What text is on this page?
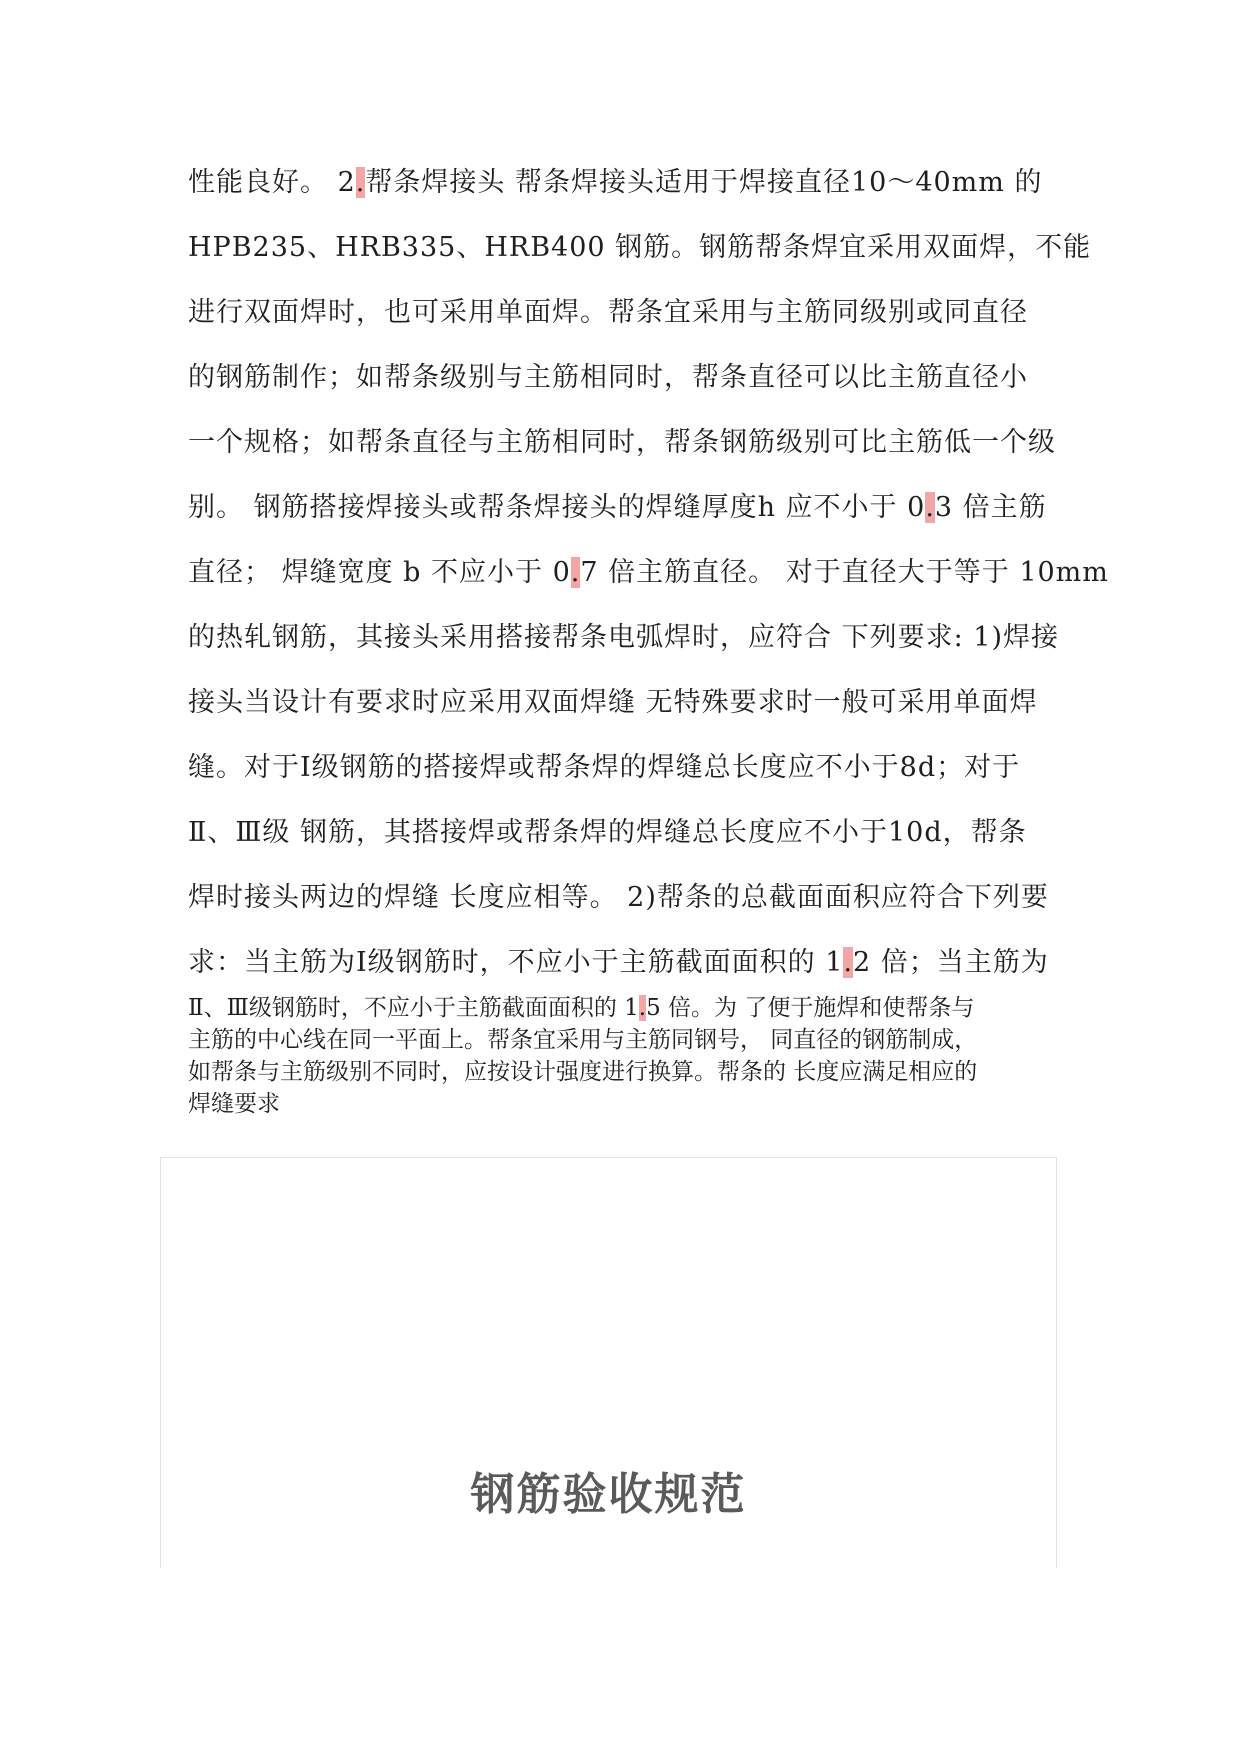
性能良好。 2.帮条焊接头 帮条焊接头适用于焊接直径10～40mm 的
HPB235、HRB335、HRB400 钢筋。钢筋帮条焊宜采用双面焊，不能
进行双面焊时，也可采用单面焊。帮条宜采用与主筋同级别或同直径
的钢筋制作；如帮条级别与主筋相同时，帮条直径可以比主筋直径小
一个规格；如帮条直径与主筋相同时，帮条钢筋级别可比主筋低一个级
别。 钢筋搭接焊接头或帮条焊接头的焊缝厚度h 应不小于 0.3 倍主筋
直径； 焊缝宽度 b 不应小于 0.7 倍主筋直径。 对于直径大于等于 10mm
的热轧钢筋，其接头采用搭接帮条电弧焊时，应符合 下列要求: 1)焊接
接头当设计有要求时应采用双面焊缝 无特殊要求时一般可采用单面焊
缝。对于Ⅰ级钢筋的搭接焊或帮条焊的焊缝总长度应不小于8d；对于
Ⅱ、Ⅲ级 钢筋，其搭接焊或帮条焊的焊缝总长度应不小于10d，帮条
焊时接头两边的焊缝 长度应相等。 2)帮条的总截面面积应符合下列要
求：当主筋为Ⅰ级钢筋时，不应小于主筋截面面积的 1.2 倍；当主筋为
Ⅱ、Ⅲ级钢筋时，不应小于主筋截面面积的 1.5 倍。为 了便于施焊和使帮条与
主筋的中心线在同一平面上。帮条宜采用与主筋同钢号， 同直径的钢筋制成，
如帮条与主筋级别不同时，应按设计强度进行换算。帮条的 长度应满足相应的
焊缝要求
钢筋验收规范
